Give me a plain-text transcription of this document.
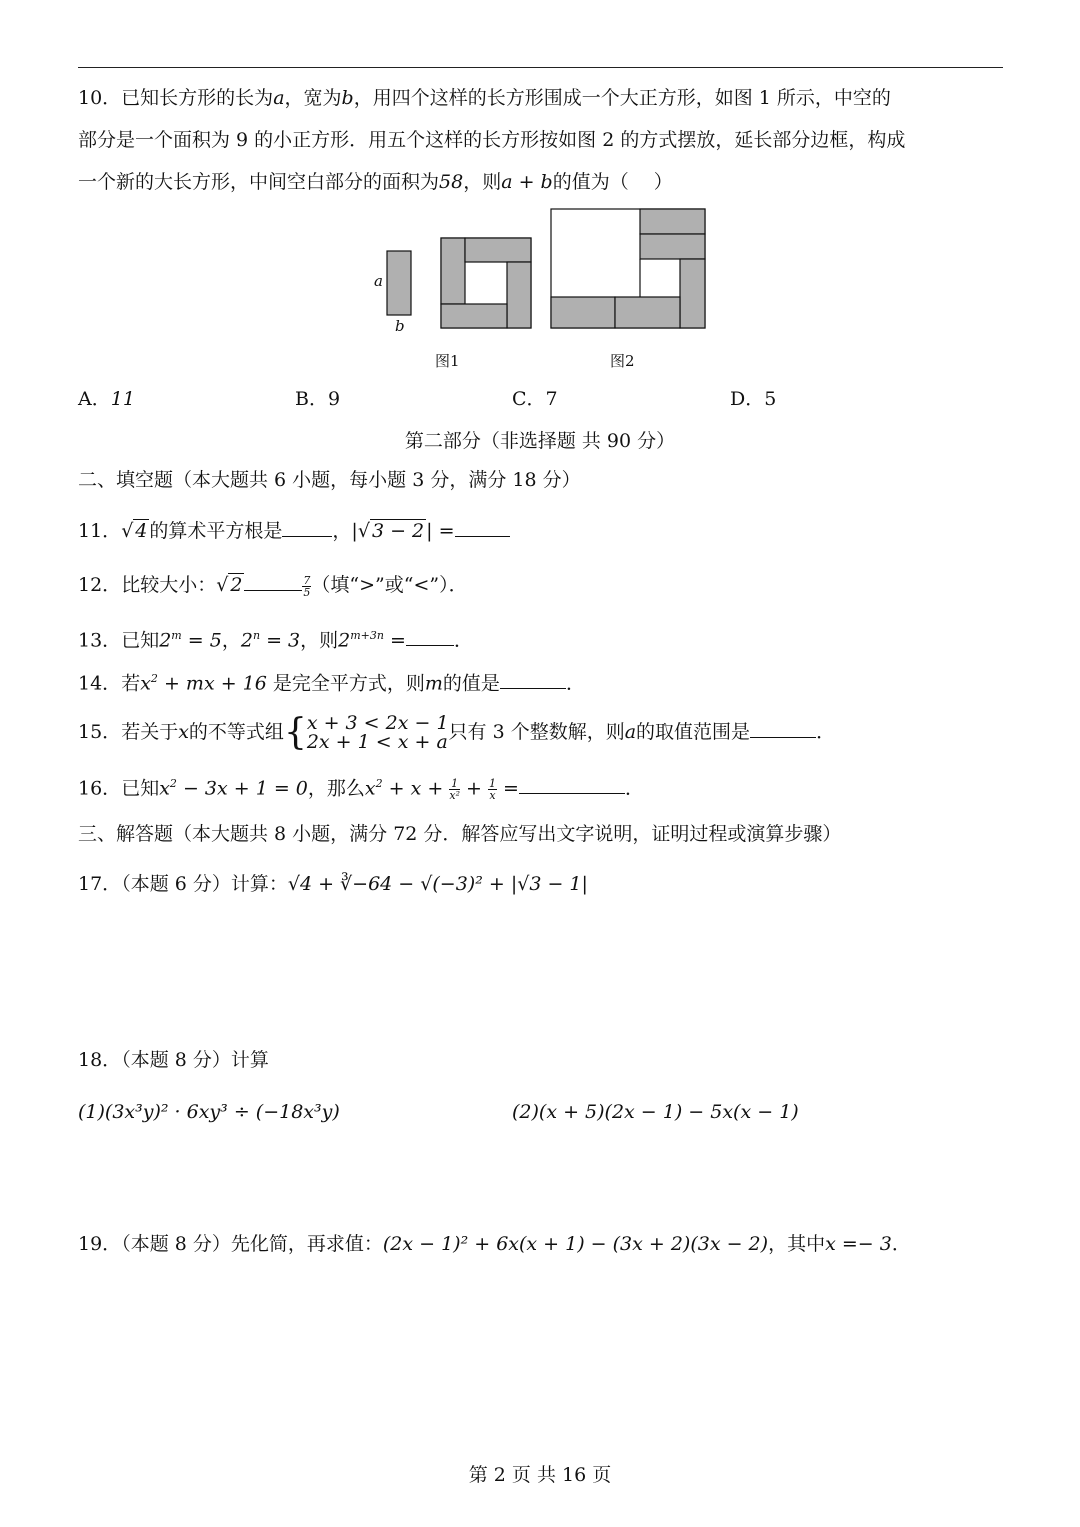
10．已知长方形的长为a，宽为b，用四个这样的长方形围成一个大正方形，如图 1 所示，中空的
部分是一个面积为 9 的小正方形．用五个这样的长方形按如图 2 的方式摆放，延长部分边框，构成
一个新的大长方形，中间空白部分的面积为58，则a + b的值为（　 ）
a
b
图1	图2
A．11	B．9	C．7	D．5
第二部分（非选择题 共 90 分）
二、填空题（本大题共 6 小题，每小题 3 分，满分 18 分）
11．√ 4 的算术平方根是	，|√ 3 − 2 | =
12．比较大小：√ 2	$\frac{7}{5}$ （填“>”或“<”）．
13．已知$2^m = 5$，$2^n = 3$，则$2^{m+3n}$ =	．
14．若$x^2$ + mx + 16 是完全平方式，则m的值是	．
15．若关于x的不等式组{ x + 3 < 2x − 1
2x + 1 < x + a 只有 3 个整数解，则a的取值范围是	．
16．已知$x^2 - 3x + 1 = 0$，那么$x^2 + x + \frac{1}{\text{x²}} + \frac{1}{x}$ =	．
三、解答题（本大题共 8 小题，满分 72 分．解答应写出文字说明，证明过程或演算步骤）
17．（本题 6 分）计算：√4 + ∛−64 − √(−3)² + |√3 − 1|
18．（本题 8 分）计算
(1)(3x³y)² · 6xy³ ÷ (−18x³y)	(2)(x + 5)(2x − 1) − 5x(x − 1)
19．（本题 8 分）先化简，再求值：(2x − 1)² + 6x(x + 1) − (3x + 2)(3x − 2)，其中x =− 3．
第 2 页 共 16 页
